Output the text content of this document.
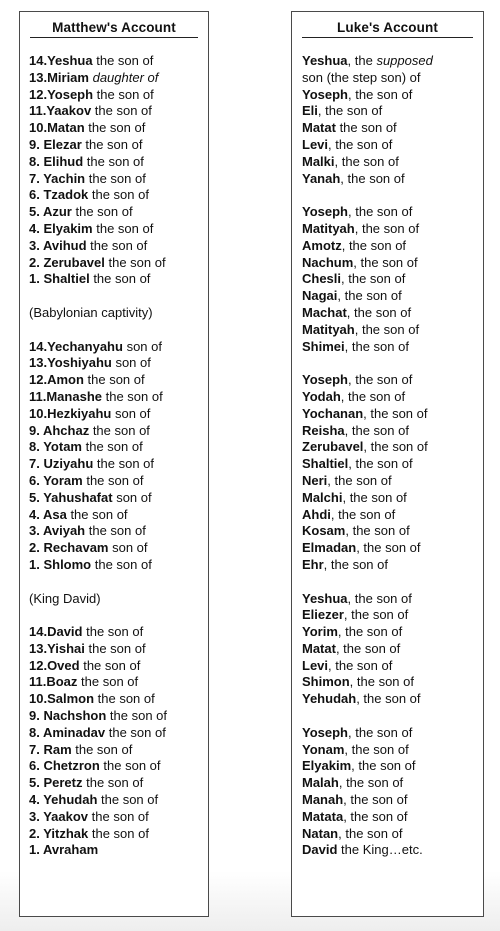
Matthew's Account
14.Yeshua the son of
13.Miriam daughter of
12.Yoseph the son of
11.Yaakov the son of
10.Matan the son of
9. Elezar the son of
8. Elihud the son of
7. Yachin the son of
6. Tzadok the son of
5. Azur the son of
4. Elyakim the son of
3. Avihud the son of
2. Zerubavel the son of
1. Shaltiel the son of
(Babylonian captivity)
14.Yechanyahu son of
13.Yoshiyahu son of
12.Amon the son of
11.Manashe the son of
10.Hezkiyahu son of
9. Ahchaz the son of
8. Yotam the son of
7. Uziyahu the son of
6. Yoram the son of
5. Yahushafat son of
4. Asa the son of
3. Aviyah the son of
2. Rechavam son of
1. Shlomo the son of
(King David)
14.David the son of
13.Yishai the son of
12.Oved the son of
11.Boaz the son of
10.Salmon the son of
9. Nachshon the son of
8. Aminadav the son of
7. Ram the son of
6. Chetzron the son of
5. Peretz the son of
4. Yehudah the son of
3. Yaakov the son of
2. Yitzhak the son of
1. Avraham
Luke's Account
Yeshua, the supposed
son (the step son) of
Yoseph, the son of
Eli, the son of
Matat the son of
Levi, the son of
Malki, the son of
Yanah, the son of
Yoseph, the son of
Matityah, the son of
Amotz, the son of
Nachum, the son of
Chesli, the son of
Nagai, the son of
Machat, the son of
Matityah, the son of
Shimei, the son of
Yoseph, the son of
Yodah, the son of
Yochanan, the son of
Reisha, the son of
Zerubavel, the son of
Shaltiel, the son of
Neri, the son of
Malchi, the son of
Ahdi, the son of
Kosam, the son of
Elmadan, the son of
Ehr, the son of
Yeshua, the son of
Eliezer, the son of
Yorim, the son of
Matat, the son of
Levi, the son of
Shimon, the son of
Yehudah, the son of
Yoseph, the son of
Yonam, the son of
Elyakim, the son of
Malah, the son of
Manah, the son of
Matata, the son of
Natan, the son of
David the King…etc.
